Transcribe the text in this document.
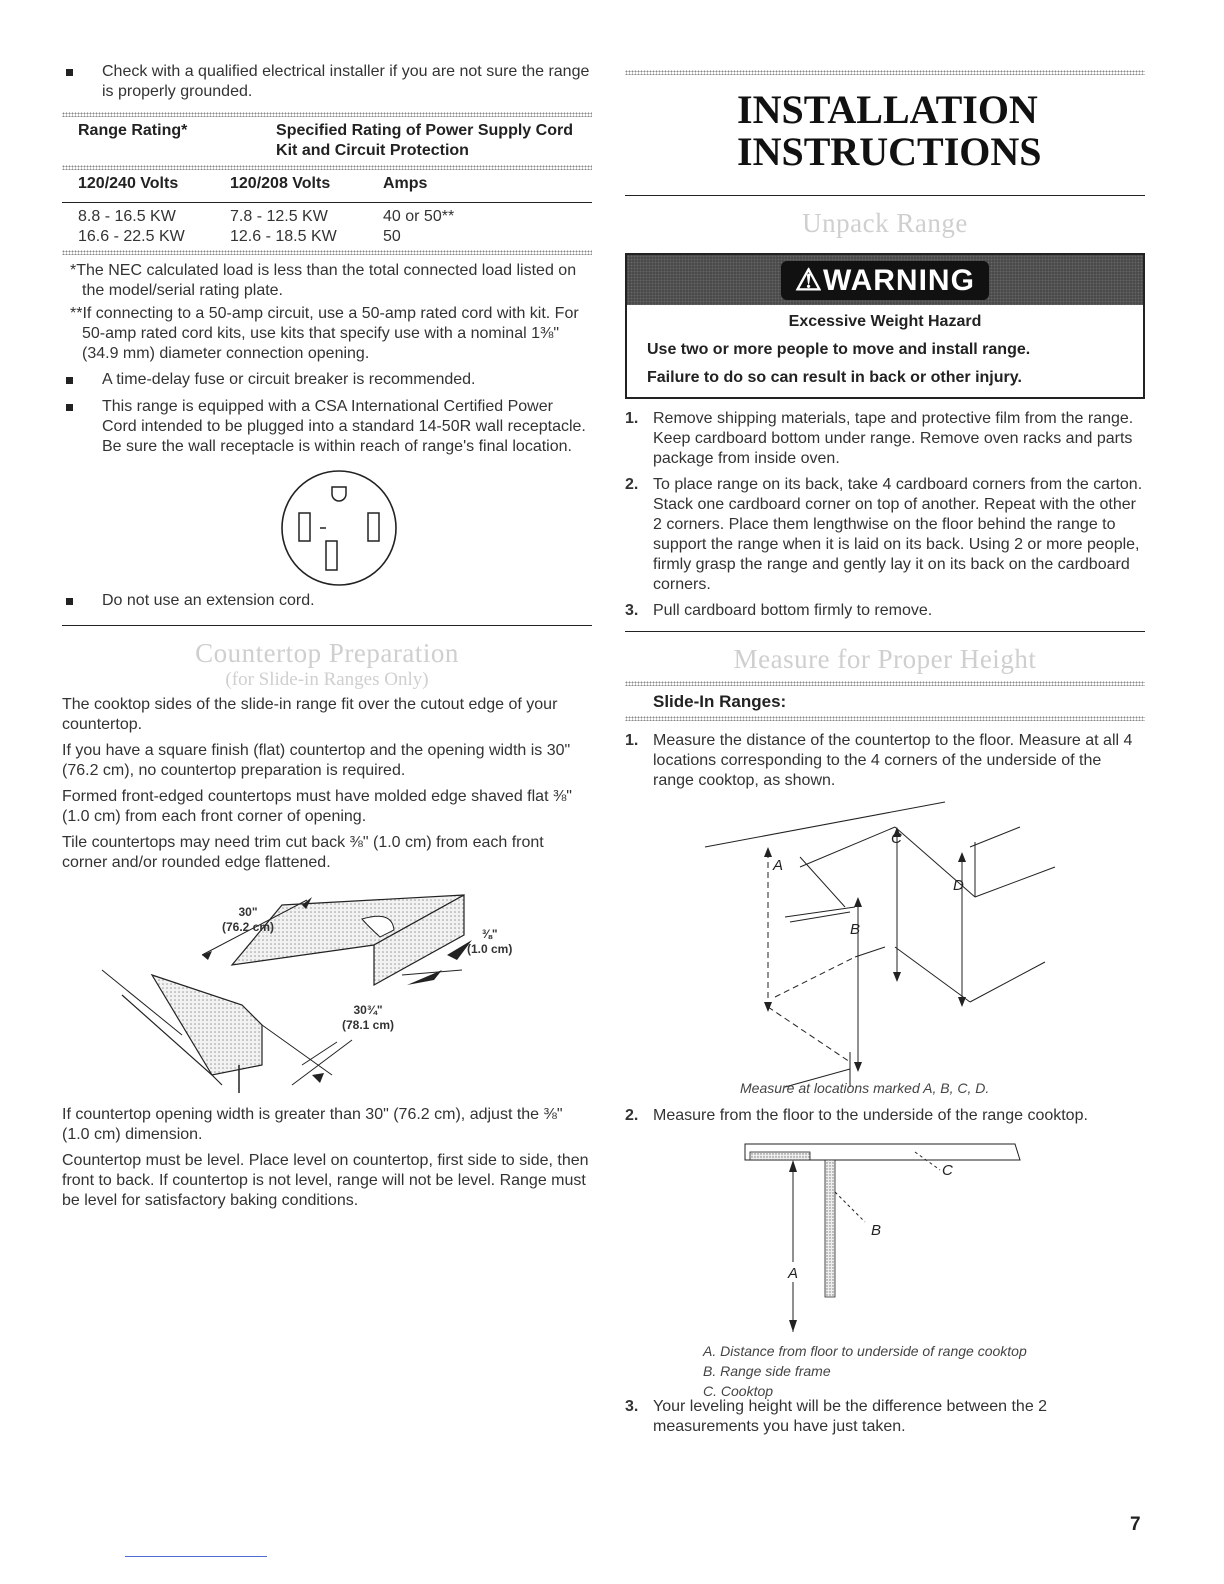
Check with a qualified electrical installer if you are not sure the range is properly grounded.
Range Rating*	Specified Rating of Power Supply Cord Kit and Circuit Protection
120/240 Volts	120/208 Volts	Amps
8.8 - 16.5 KW	7.8 - 12.5 KW	40 or 50**
16.6 - 22.5 KW	12.6 - 18.5 KW	50
*The NEC calculated load is less than the total connected load listed on the model/serial rating plate.
**If connecting to a 50-amp circuit, use a 50-amp rated cord with kit. For 50-amp rated cord kits, use kits that specify use with a nominal 1⅜" (34.9 mm) diameter connection opening.
A time-delay fuse or circuit breaker is recommended.
This range is equipped with a CSA International Certified Power Cord intended to be plugged into a standard 14-50R wall receptacle. Be sure the wall receptacle is within reach of range's final location.
Do not use an extension cord.
Countertop Preparation
(for Slide-in Ranges Only)

The cooktop sides of the slide-in range fit over the cutout edge of your countertop.

If you have a square finish (flat) countertop and the opening width is 30" (76.2 cm), no countertop preparation is required.

Formed front-edged countertops must have molded edge shaved flat ⅜" (1.0 cm) from each front corner of opening.

Tile countertops may need trim cut back ⅜" (1.0 cm) from each front corner and/or rounded edge flattened.

30"
(76.2 cm)	⅜"
(1.0 cm)
30¾"
(78.1 cm)

If countertop opening width is greater than 30" (76.2 cm), adjust the ⅜" (1.0 cm) dimension.

Countertop must be level. Place level on countertop, first side to side, then front to back. If countertop is not level, range will not be level. Range must be level for satisfactory baking conditions.

INSTALLATION
INSTRUCTIONS
Unpack Range
⚠WARNING
Excessive Weight Hazard
Use two or more people to move and install range.
Failure to do so can result in back or other injury.
1. Remove shipping materials, tape and protective film from the range. Keep cardboard bottom under range. Remove oven racks and parts package from inside oven.
2. To place range on its back, take 4 cardboard corners from the carton. Stack one cardboard corner on top of another. Repeat with the other 2 corners. Place them lengthwise on the floor behind the range to support the range when it is laid on its back. Using 2 or more people, firmly grasp the range and gently lay it on its back on the cardboard corners.
3. Pull cardboard bottom firmly to remove.
Measure for Proper Height
Slide-In Ranges:
1. Measure the distance of the countertop to the floor. Measure at all 4 locations corresponding to the 4 corners of the underside of the range cooktop, as shown.
A
B
C
D
Measure at locations marked A, B, C, D.
2. Measure from the floor to the underside of the range cooktop.
C
B
A
A. Distance from floor to underside of range cooktop
B. Range side frame
C. Cooktop
3. Your leveling height will be the difference between the 2 measurements you have just taken.
7
